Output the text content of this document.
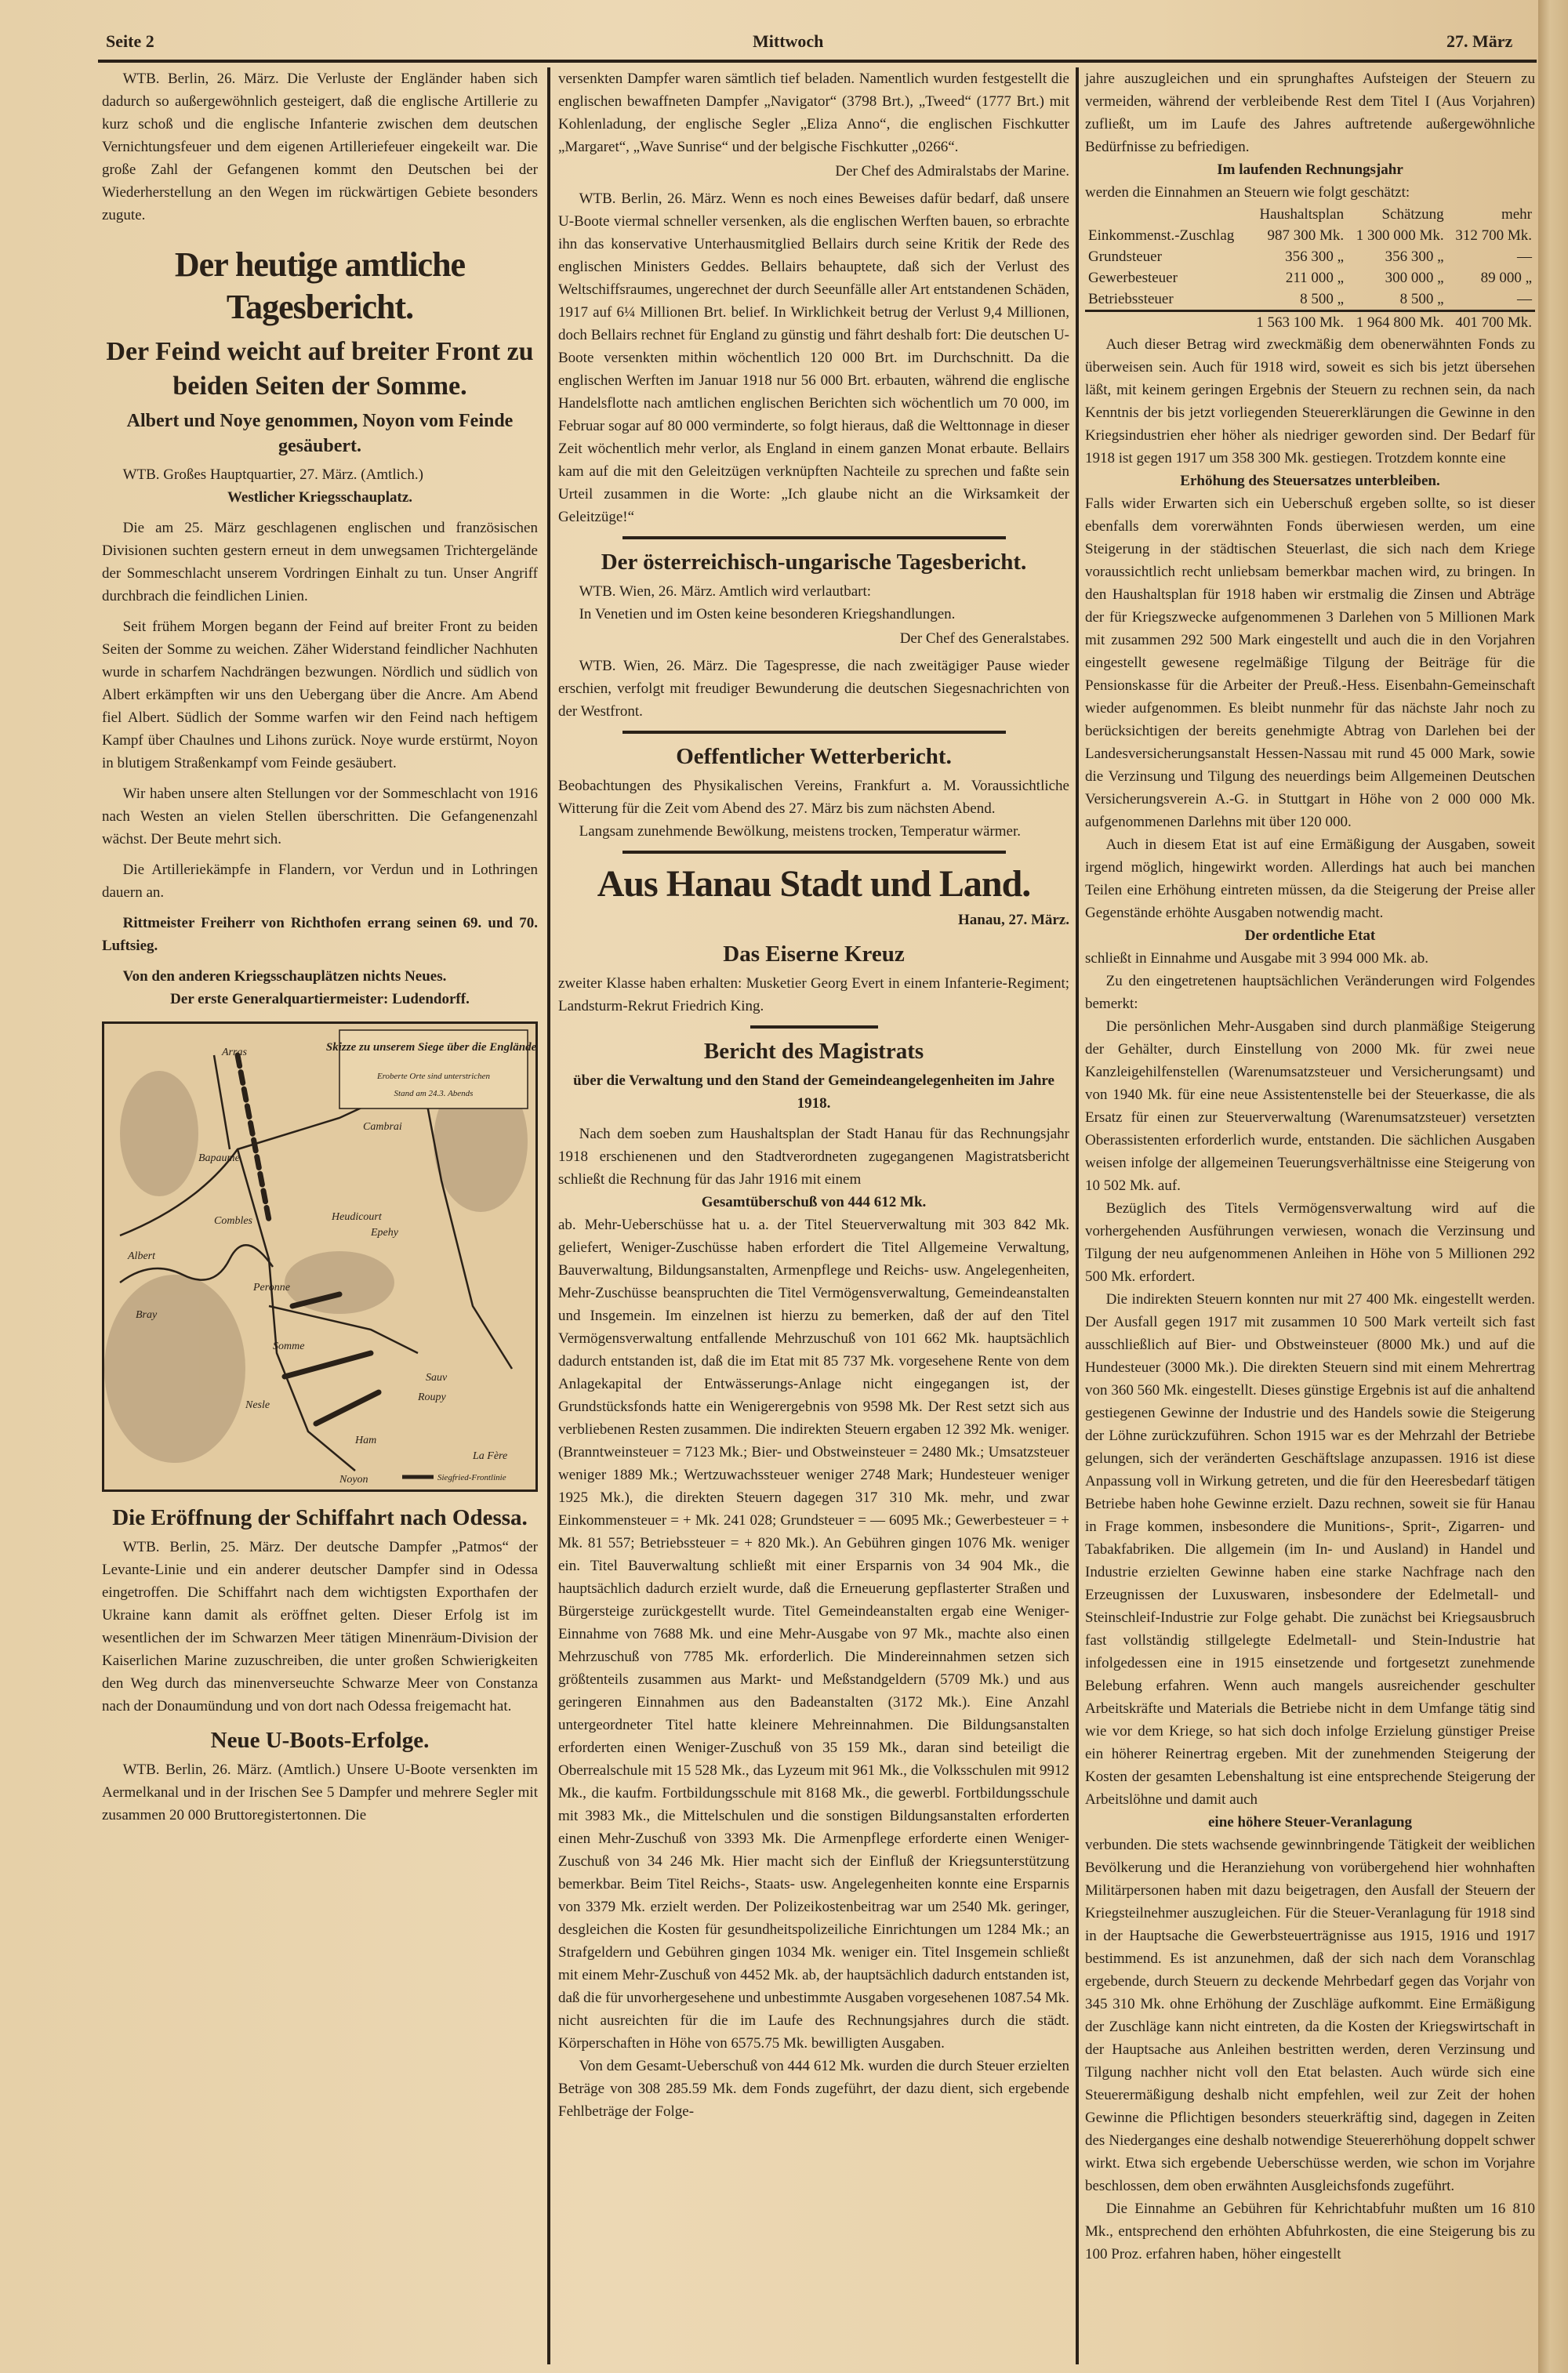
Seite 2	Mittwoch	27. März

WTB. Berlin, 26. März. Die Verluste der Engländer haben sich dadurch so außergewöhnlich gesteigert, daß die englische Artillerie zu kurz schoß und die englische Infanterie zwischen dem deutschen Vernichtungsfeuer und dem eigenen Artilleriefeuer eingekeilt war. Die große Zahl der Gefangenen kommt den Deutschen bei der Wiederherstellung an den Wegen im rückwärtigen Gebiete besonders zugute.

Der heutige amtliche Tagesbericht.
Der Feind weicht auf breiter Front zu beiden Seiten der Somme.
Albert und Noye genommen, Noyon vom Feinde gesäubert.

WTB. Großes Hauptquartier, 27. März. (Amtlich.)

Westlicher Kriegsschauplatz.

Die am 25. März geschlagenen englischen und französischen Divisionen suchten gestern erneut in dem unwegsamen Trichtergelände der Sommeschlacht unserem Vordringen Einhalt zu tun. Unser Angriff durchbrach die feindlichen Linien.

Seit frühem Morgen begann der Feind auf breiter Front zu beiden Seiten der Somme zu weichen. Zäher Widerstand feindlicher Nachhuten wurde in scharfem Nachdrängen bezwungen. Nördlich und südlich von Albert erkämpften wir uns den Uebergang über die Ancre. Am Abend fiel Albert. Südlich der Somme warfen wir den Feind nach heftigem Kampf über Chaulnes und Lihons zurück. Noye wurde erstürmt, Noyon in blutigem Straßenkampf vom Feinde gesäubert.

Wir haben unsere alten Stellungen vor der Sommeschlacht von 1916 nach Westen an vielen Stellen überschritten. Die Gefangenenzahl wächst. Der Beute mehrt sich.

Die Artilleriekämpfe in Flandern, vor Verdun und in Lothringen dauern an.

Rittmeister Freiherr von Richthofen errang seinen 69. und 70. Luftsieg.

Von den anderen Kriegsschauplätzen nichts Neues.

Der erste Generalquartiermeister: Ludendorff.

Skizze zu unserem Siege über die Engländer
Eroberte Orte sind unterstrichen
Stand am 24.3. Abends
Siegfried-Frontlinie
Arras
Cambrai
Bapaume
Albert
Combles
Peronne
Heudicourt
Epehy
Bray
Somme
Nesle
Ham
Noyon
La Fère
Sauv
Roupy
Die Eröffnung der Schiffahrt nach Odessa.

WTB. Berlin, 25. März. Der deutsche Dampfer „Patmos“ der Levante-Linie und ein anderer deutscher Dampfer sind in Odessa eingetroffen. Die Schiffahrt nach dem wichtigsten Exporthafen der Ukraine kann damit als eröffnet gelten. Dieser Erfolg ist im wesentlichen der im Schwarzen Meer tätigen Minenräum-Division der Kaiserlichen Marine zuzuschreiben, die unter großen Schwierigkeiten den Weg durch das minenverseuchte Schwarze Meer von Constanza nach der Donaumündung und von dort nach Odessa freigemacht hat.

Neue U-Boots-Erfolge.

WTB. Berlin, 26. März. (Amtlich.) Unsere U-Boote versenkten im Aermelkanal und in der Irischen See 5 Dampfer und mehrere Segler mit zusammen 20 000 Bruttoregistertonnen. Die

versenkten Dampfer waren sämtlich tief beladen. Namentlich wurden festgestellt die englischen bewaffneten Dampfer „Navigator“ (3798 Brt.), „Tweed“ (1777 Brt.) mit Kohlenladung, der englische Segler „Eliza Anno“, die englischen Fischkutter „Margaret“, „Wave Sunrise“ und der belgische Fischkutter „0266“.

Der Chef des Admiralstabs der Marine.

WTB. Berlin, 26. März. Wenn es noch eines Beweises dafür bedarf, daß unsere U-Boote viermal schneller versenken, als die englischen Werften bauen, so erbrachte ihn das konservative Unterhausmitglied Bellairs durch seine Kritik der Rede des englischen Ministers Geddes. Bellairs behauptete, daß sich der Verlust des Weltschiffsraumes, ungerechnet der durch Seeunfälle aller Art entstandenen Schäden, 1917 auf 6¼ Millionen Brt. belief. In Wirklichkeit betrug der Verlust 9,4 Millionen, doch Bellairs rechnet für England zu günstig und fährt deshalb fort: Die deutschen U-Boote versenkten mithin wöchentlich 120 000 Brt. im Durchschnitt. Da die englischen Werften im Januar 1918 nur 56 000 Brt. erbauten, während die englische Handelsflotte nach amtlichen englischen Berichten sich wöchentlich um 70 000, im Februar sogar auf 80 000 verminderte, so folgt hieraus, daß die Welttonnage in dieser Zeit wöchentlich mehr verlor, als England in einem ganzen Monat erbaute. Bellairs kam auf die mit den Geleitzügen verknüpften Nachteile zu sprechen und faßte sein Urteil zusammen in die Worte: „Ich glaube nicht an die Wirksamkeit der Geleitzüge!“

Der österreichisch-ungarische Tagesbericht.

WTB. Wien, 26. März. Amtlich wird verlautbart:

In Venetien und im Osten keine besonderen Kriegshandlungen.

Der Chef des Generalstabes.

WTB. Wien, 26. März. Die Tagespresse, die nach zweitägiger Pause wieder erschien, verfolgt mit freudiger Bewunderung die deutschen Siegesnachrichten von der Westfront.

Oeffentlicher Wetterbericht.

Beobachtungen des Physikalischen Vereins, Frankfurt a. M. Voraussichtliche Witterung für die Zeit vom Abend des 27. März bis zum nächsten Abend.

Langsam zunehmende Bewölkung, meistens trocken, Temperatur wärmer.

Aus Hanau Stadt und Land.

Hanau, 27. März.

Das Eiserne Kreuz

zweiter Klasse haben erhalten: Musketier Georg Evert in einem Infanterie-Regiment; Landsturm-Rekrut Friedrich King.

Bericht des Magistrats

über die Verwaltung und den Stand der Gemeindeangelegenheiten im Jahre 1918.

Nach dem soeben zum Haushaltsplan der Stadt Hanau für das Rechnungsjahr 1918 erschienenen und den Stadtverordneten zugegangenen Magistratsbericht schließt die Rechnung für das Jahr 1916 mit einem

Gesamtüberschuß von 444 612 Mk.

ab. Mehr-Ueberschüsse hat u. a. der Titel Steuerverwaltung mit 303 842 Mk. geliefert, Weniger-Zuschüsse haben erfordert die Titel Allgemeine Verwaltung, Bauverwaltung, Bildungsanstalten, Armenpflege und Reichs- usw. Angelegenheiten, Mehr-Zuschüsse beanspruchten die Titel Vermögensverwaltung, Gemeindeanstalten und Insgemein. Im einzelnen ist hierzu zu bemerken, daß der auf den Titel Vermögensverwaltung entfallende Mehrzuschuß von 101 662 Mk. hauptsächlich dadurch entstanden ist, daß die im Etat mit 85 737 Mk. vorgesehene Rente von dem Anlagekapital der Entwässerungs-Anlage nicht eingegangen ist, der Grundstücksfonds hatte ein Wenigerergebnis von 9598 Mk. Der Rest setzt sich aus verbliebenen Resten zusammen. Die indirekten Steuern ergaben 12 392 Mk. weniger. (Branntweinsteuer = 7123 Mk.; Bier- und Obstweinsteuer = 2480 Mk.; Umsatzsteuer weniger 1889 Mk.; Wertzuwachssteuer weniger 2748 Mark; Hundesteuer weniger 1925 Mk.), die direkten Steuern dagegen 317 310 Mk. mehr, und zwar Einkommensteuer = + Mk. 241 028; Grundsteuer = — 6095 Mk.; Gewerbesteuer = + Mk. 81 557; Betriebssteuer = + 820 Mk.). An Gebühren gingen 1076 Mk. weniger ein. Titel Bauverwaltung schließt mit einer Ersparnis von 34 904 Mk., die hauptsächlich dadurch erzielt wurde, daß die Erneuerung gepflasterter Straßen und Bürgersteige zurückgestellt wurde. Titel Gemeindeanstalten ergab eine Weniger-Einnahme von 7688 Mk. und eine Mehr-Ausgabe von 97 Mk., machte also einen Mehrzuschuß von 7785 Mk. erforderlich. Die Mindereinnahmen setzen sich größtenteils zusammen aus Markt- und Meßstandgeldern (5709 Mk.) und aus geringeren Einnahmen aus den Badeanstalten (3172 Mk.). Eine Anzahl untergeordneter Titel hatte kleinere Mehreinnahmen. Die Bildungsanstalten erforderten einen Weniger-Zuschuß von 35 159 Mk., daran sind beteiligt die Oberrealschule mit 15 528 Mk., das Lyzeum mit 961 Mk., die Volksschulen mit 9912 Mk., die kaufm. Fortbildungsschule mit 8168 Mk., die gewerbl. Fortbildungsschule mit 3983 Mk., die Mittelschulen und die sonstigen Bildungsanstalten erforderten einen Mehr-Zuschuß von 3393 Mk. Die Armenpflege erforderte einen Weniger-Zuschuß von 34 246 Mk. Hier macht sich der Einfluß der Kriegsunterstützung bemerkbar. Beim Titel Reichs-, Staats- usw. Angelegenheiten konnte eine Ersparnis von 3379 Mk. erzielt werden. Der Polizeikostenbeitrag war um 2540 Mk. geringer, desgleichen die Kosten für gesundheitspolizeiliche Einrichtungen um 1284 Mk.; an Strafgeldern und Gebühren gingen 1034 Mk. weniger ein. Titel Insgemein schließt mit einem Mehr-Zuschuß von 4452 Mk. ab, der hauptsächlich dadurch entstanden ist, daß die für unvorhergesehene und unbestimmte Ausgaben vorgesehenen 1087.54 Mk. nicht ausreichten für die im Laufe des Rechnungsjahres durch die städt. Körperschaften in Höhe von 6575.75 Mk. bewilligten Ausgaben.

Von dem Gesamt-Ueberschuß von 444 612 Mk. wurden die durch Steuer erzielten Beträge von 308 285.59 Mk. dem Fonds zugeführt, der dazu dient, sich ergebende Fehlbeträge der Folge-

jahre auszugleichen und ein sprunghaftes Aufsteigen der Steuern zu vermeiden, während der verbleibende Rest dem Titel I (Aus Vorjahren) zufließt, um im Laufe des Jahres auftretende außergewöhnliche Bedürfnisse zu befriedigen.

Im laufenden Rechnungsjahr

werden die Einnahmen an Steuern wie folgt geschätzt:

	Haushaltsplan	Schätzung	mehr
Einkommenst.-Zuschlag	987 300 Mk.	1 300 000 Mk.	312 700 Mk.
Grundsteuer	356 300 „	356 300 „	—
Gewerbesteuer	211 000 „	300 000 „	89 000 „
Betriebssteuer	8 500 „	8 500 „	—
	1 563 100 Mk.	1 964 800 Mk.	401 700 Mk.

Auch dieser Betrag wird zweckmäßig dem obenerwähnten Fonds zu überweisen sein. Auch für 1918 wird, soweit es sich bis jetzt übersehen läßt, mit keinem geringen Ergebnis der Steuern zu rechnen sein, da nach Kenntnis der bis jetzt vorliegenden Steuererklärungen die Gewinne in den Kriegsindustrien eher höher als niedriger geworden sind. Der Bedarf für 1918 ist gegen 1917 um 358 300 Mk. gestiegen. Trotzdem konnte eine

Erhöhung des Steuersatzes unterbleiben.

Falls wider Erwarten sich ein Ueberschuß ergeben sollte, so ist dieser ebenfalls dem vorerwähnten Fonds überwiesen werden, um eine Steigerung in der städtischen Steuerlast, die sich nach dem Kriege voraussichtlich recht unliebsam bemerkbar machen wird, zu bringen. In den Haushaltsplan für 1918 haben wir erstmalig die Zinsen und Abträge der für Kriegszwecke aufgenommenen 3 Darlehen von 5 Millionen Mark mit zusammen 292 500 Mark eingestellt und auch die in den Vorjahren eingestellt gewesene regelmäßige Tilgung der Beiträge für die Pensionskasse für die Arbeiter der Preuß.-Hess. Eisenbahn-Gemeinschaft wieder aufgenommen. Es bleibt nunmehr für das nächste Jahr noch zu berücksichtigen der bereits genehmigte Abtrag von Darlehen bei der Landesversicherungsanstalt Hessen-Nassau mit rund 45 000 Mark, sowie die Verzinsung und Tilgung des neuerdings beim Allgemeinen Deutschen Versicherungsverein A.-G. in Stuttgart in Höhe von 2 000 000 Mk. aufgenommenen Darlehns mit über 120 000.

Auch in diesem Etat ist auf eine Ermäßigung der Ausgaben, soweit irgend möglich, hingewirkt worden. Allerdings hat auch bei manchen Teilen eine Erhöhung eintreten müssen, da die Steigerung der Preise aller Gegenstände erhöhte Ausgaben notwendig macht.

Der ordentliche Etat

schließt in Einnahme und Ausgabe mit 3 994 000 Mk. ab.

Zu den eingetretenen hauptsächlichen Veränderungen wird Folgendes bemerkt:

Die persönlichen Mehr-Ausgaben sind durch planmäßige Steigerung der Gehälter, durch Einstellung von 2000 Mk. für zwei neue Kanzleigehilfenstellen (Warenumsatzsteuer und Versicherungsamt) und von 1940 Mk. für eine neue Assistentenstelle bei der Steuerkasse, die als Ersatz für einen zur Steuerverwaltung (Warenumsatzsteuer) versetzten Oberassistenten erforderlich wurde, entstanden. Die sächlichen Ausgaben weisen infolge der allgemeinen Teuerungsverhältnisse eine Steigerung von 10 502 Mk. auf.

Bezüglich des Titels Vermögensverwaltung wird auf die vorhergehenden Ausführungen verwiesen, wonach die Verzinsung und Tilgung der neu aufgenommenen Anleihen in Höhe von 5 Millionen 292 500 Mk. erfordert.

Die indirekten Steuern konnten nur mit 27 400 Mk. eingestellt werden. Der Ausfall gegen 1917 mit zusammen 10 500 Mark verteilt sich fast ausschließlich auf Bier- und Obstweinsteuer (8000 Mk.) und auf die Hundesteuer (3000 Mk.). Die direkten Steuern sind mit einem Mehrertrag von 360 560 Mk. eingestellt. Dieses günstige Ergebnis ist auf die anhaltend gestiegenen Gewinne der Industrie und des Handels sowie die Steigerung der Löhne zurückzuführen. Schon 1915 war es der Mehrzahl der Betriebe gelungen, sich der veränderten Geschäftslage anzupassen. 1916 ist diese Anpassung voll in Wirkung getreten, und die für den Heeresbedarf tätigen Betriebe haben hohe Gewinne erzielt. Dazu rechnen, soweit sie für Hanau in Frage kommen, insbesondere die Munitions-, Sprit-, Zigarren- und Tabakfabriken. Die allgemein (im In- und Ausland) in Handel und Industrie erzielten Gewinne haben eine starke Nachfrage nach den Erzeugnissen der Luxuswaren, insbesondere der Edelmetall- und Steinschleif-Industrie zur Folge gehabt. Die zunächst bei Kriegsausbruch fast vollständig stillgelegte Edelmetall- und Stein-Industrie hat infolgedessen eine in 1915 einsetzende und fortgesetzt zunehmende Belebung erfahren. Wenn auch mangels ausreichender geschulter Arbeitskräfte und Materials die Betriebe nicht in dem Umfange tätig sind wie vor dem Kriege, so hat sich doch infolge Erzielung günstiger Preise ein höherer Reinertrag ergeben. Mit der zunehmenden Steigerung der Kosten der gesamten Lebenshaltung ist eine entsprechende Steigerung der Arbeitslöhne und damit auch

eine höhere Steuer-Veranlagung

verbunden. Die stets wachsende gewinnbringende Tätigkeit der weiblichen Bevölkerung und die Heranziehung von vorübergehend hier wohnhaften Militärpersonen haben mit dazu beigetragen, den Ausfall der Steuern der Kriegsteilnehmer auszugleichen. Für die Steuer-Veranlagung für 1918 sind in der Hauptsache die Gewerbsteuerträgnisse aus 1915, 1916 und 1917 bestimmend. Es ist anzunehmen, daß der sich nach dem Voranschlag ergebende, durch Steuern zu deckende Mehrbedarf gegen das Vorjahr von 345 310 Mk. ohne Erhöhung der Zuschläge aufkommt. Eine Ermäßigung der Zuschläge kann nicht eintreten, da die Kosten der Kriegswirtschaft in der Hauptsache aus Anleihen bestritten werden, deren Verzinsung und Tilgung nachher nicht voll den Etat belasten. Auch würde sich eine Steuerermäßigung deshalb nicht empfehlen, weil zur Zeit der hohen Gewinne die Pflichtigen besonders steuerkräftig sind, dagegen in Zeiten des Niederganges eine deshalb notwendige Steuererhöhung doppelt schwer wirkt. Etwa sich ergebende Ueberschüsse werden, wie schon im Vorjahre beschlossen, dem oben erwähnten Ausgleichsfonds zugeführt.

Die Einnahme an Gebühren für Kehrichtabfuhr mußten um 16 810 Mk., entsprechend den erhöhten Abfuhrkosten, die eine Steigerung bis zu 100 Proz. erfahren haben, höher eingestellt
